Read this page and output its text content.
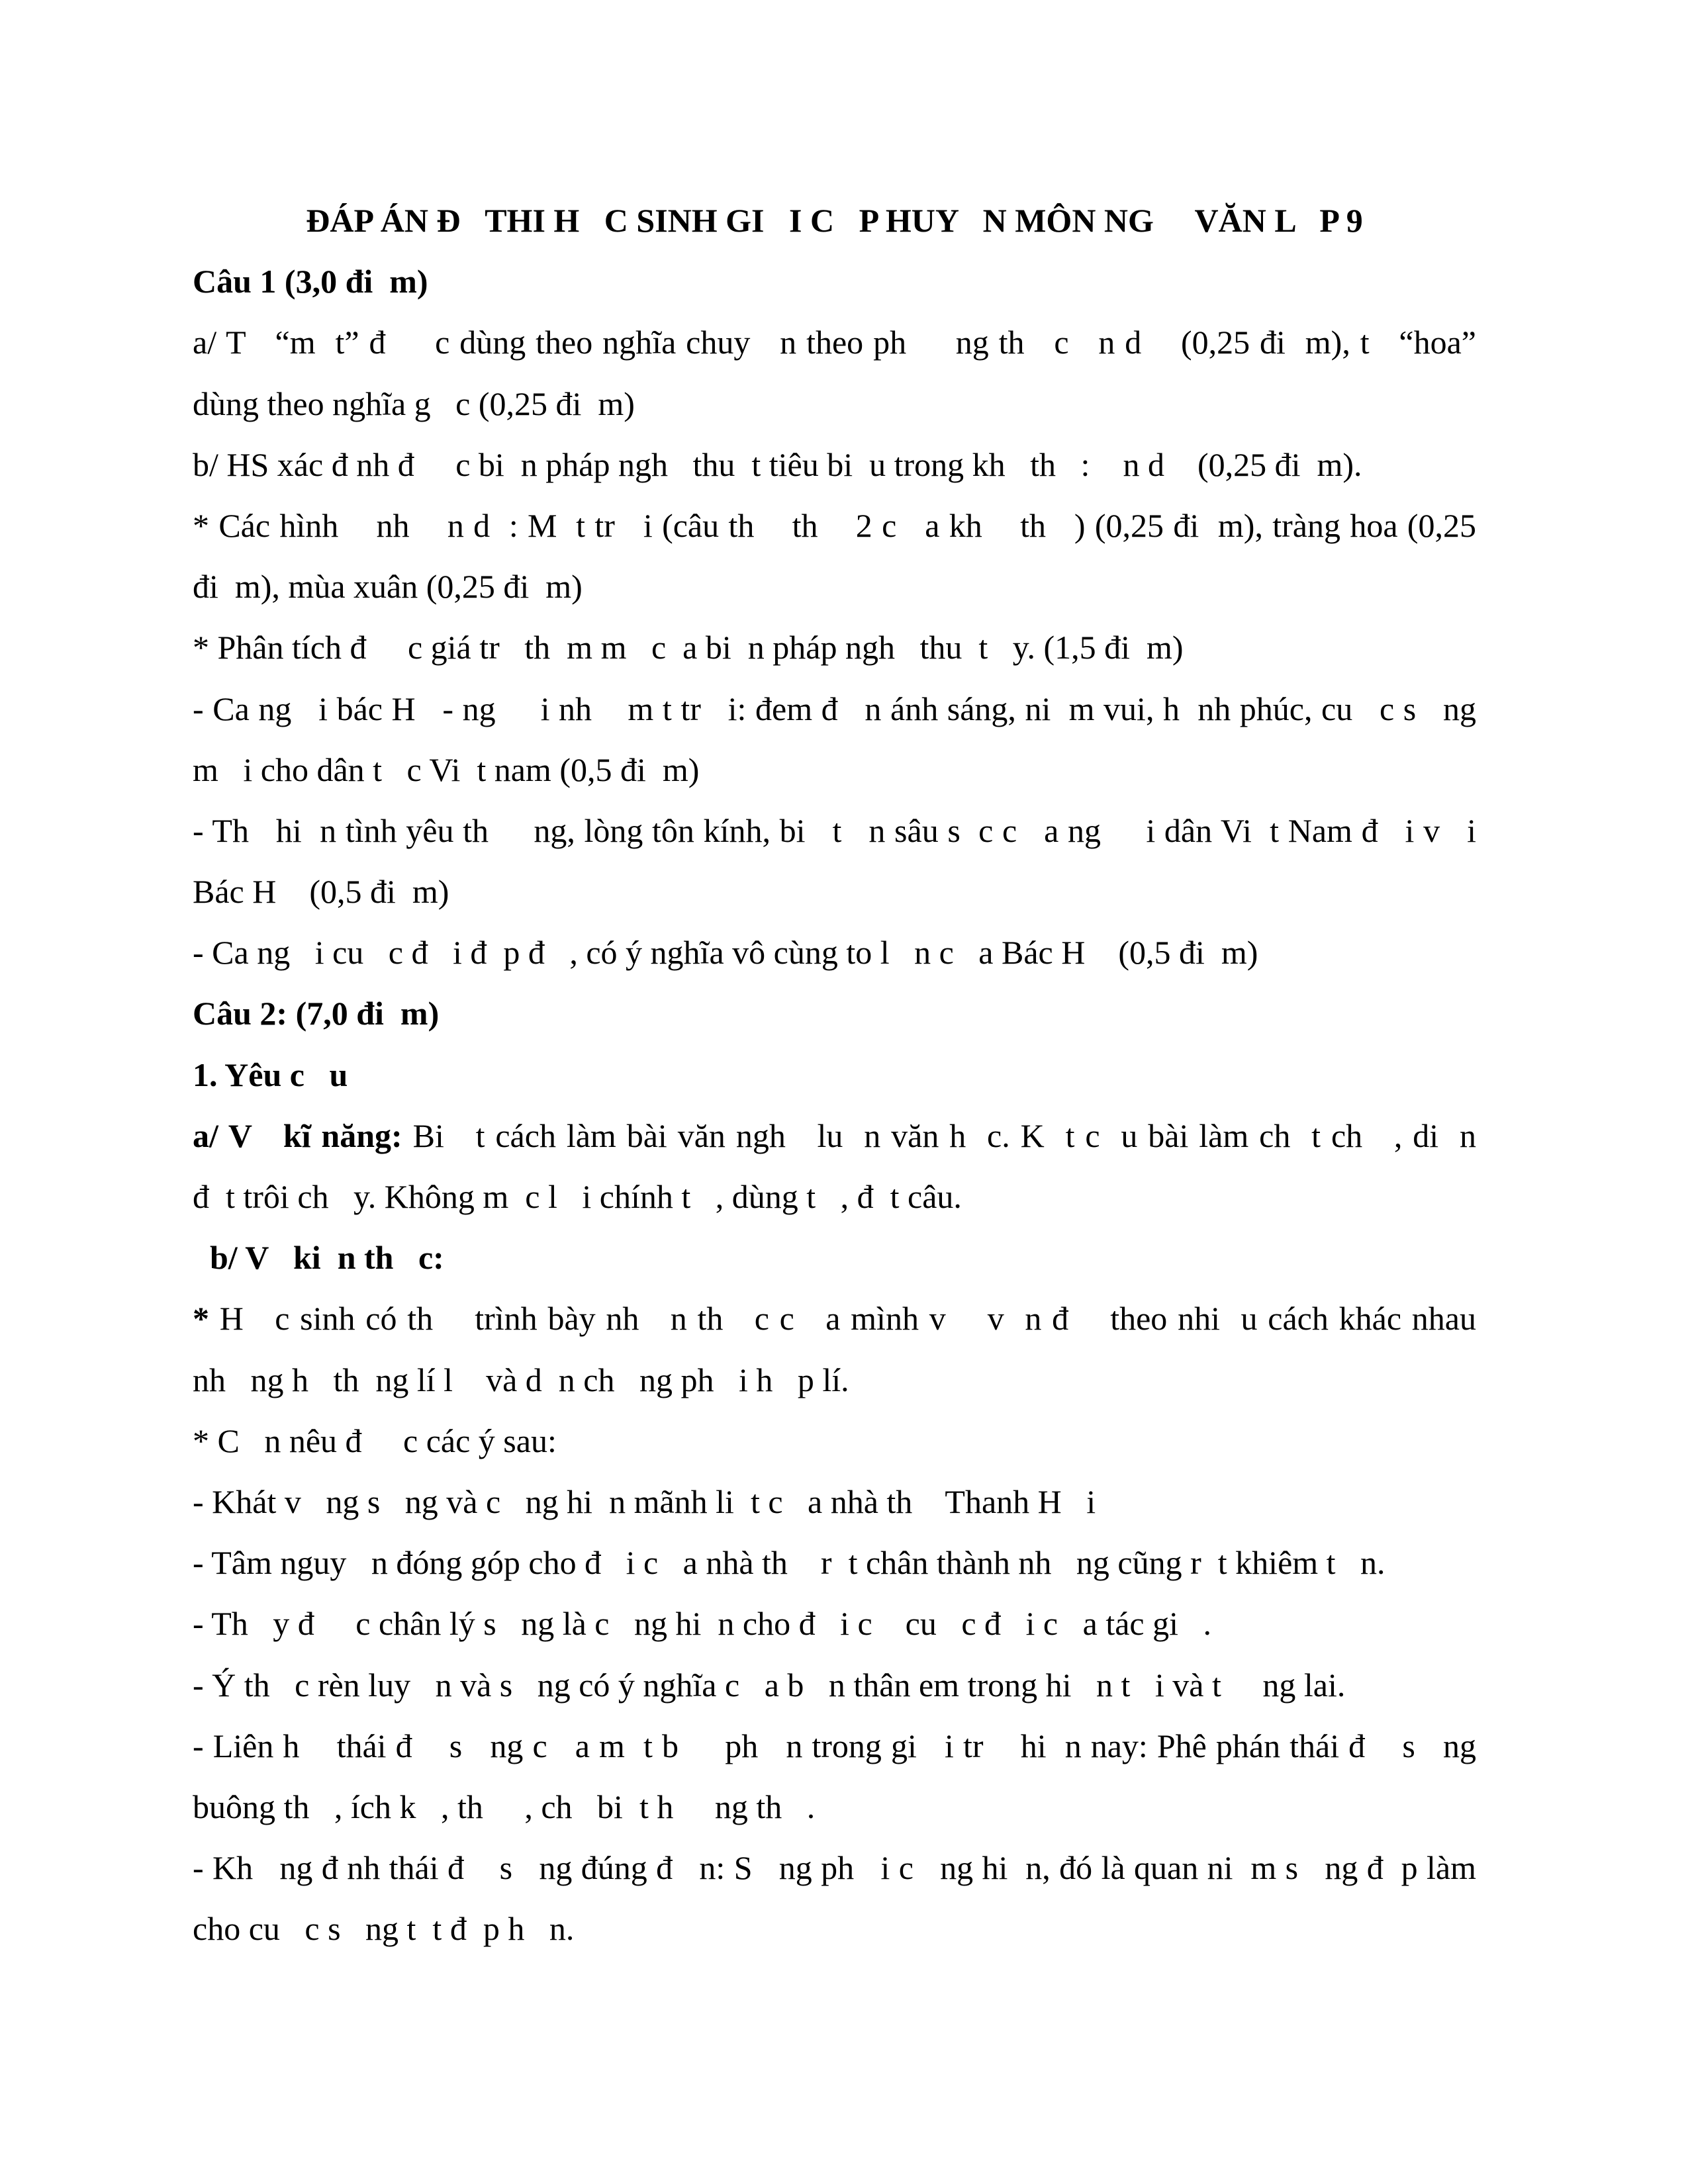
ĐÁP ÁN Đ   THI H   C SINH GI   I C   P HUY   N MÔN NG     VĂN L   P 9
Câu 1 (3,0 đi  m)
a/ T   “m  t” đ     c dùng theo nghĩa chuy   n theo ph     ng th   c   n d    (0,25 đi  m), t   “hoa”
dùng theo nghĩa g   c (0,25 đi  m)
b/ HS xác đ nh đ     c bi  n pháp ngh   thu  t tiêu bi  u trong kh   th   :    n d    (0,25 đi  m).
* Các hình    nh    n d  : M  t tr   i (câu th    th    2 c   a kh    th   ) (0,25 đi  m), tràng hoa (0,25
đi  m), mùa xuân (0,25 đi  m)
* Phân tích đ     c giá tr   th  m m   c  a bi  n pháp ngh   thu  t   y. (1,5 đi  m)
- Ca ng   i bác H   - ng     i nh    m t tr   i: đem đ   n ánh sáng, ni  m vui, h  nh phúc, cu   c s   ng
m   i cho dân t   c Vi  t nam (0,5 đi  m)
- Th   hi  n tình yêu th     ng, lòng tôn kính, bi   t   n sâu s  c c   a ng     i dân Vi  t Nam đ   i v   i
Bác H    (0,5 đi  m)
- Ca ng   i cu   c đ   i đ  p đ   , có ý nghĩa vô cùng to l   n c   a Bác H    (0,5 đi  m)
Câu 2: (7,0 đi  m)
1. Yêu c   u
a/ V   kĩ năng: Bi   t cách làm bài văn ngh   lu  n văn h  c. K  t c  u bài làm ch  t ch   , di  n
đ  t trôi ch   y. Không m  c l   i chính t   , dùng t   , đ  t câu.
b/ V   ki  n th   c:
* H   c sinh có th    trình bày nh   n th   c c   a mình v    v  n đ    theo nhi  u cách khác nhau
nh   ng h   th  ng lí l    và d  n ch   ng ph   i h   p lí.
* C   n nêu đ     c các ý sau:
- Khát v   ng s   ng và c   ng hi  n mãnh li  t c   a nhà th    Thanh H   i
- Tâm nguy   n đóng góp cho đ   i c   a nhà th    r  t chân thành nh   ng cũng r  t khiêm t   n.
- Th   y đ     c chân lý s   ng là c   ng hi  n cho đ   i c    cu   c đ   i c   a tác gi   .
- Ý th   c rèn luy   n và s   ng có ý nghĩa c   a b   n thân em trong hi   n t   i và t     ng lai.
- Liên h    thái đ    s   ng c   a m  t b     ph   n trong gi   i tr    hi  n nay: Phê phán thái đ    s   ng
buông th   , ích k   , th     , ch   bi  t h     ng th   .
- Kh   ng đ nh thái đ    s   ng đúng đ   n: S   ng ph   i c   ng hi  n, đó là quan ni  m s   ng đ  p làm
cho cu   c s   ng t  t đ  p h   n.
